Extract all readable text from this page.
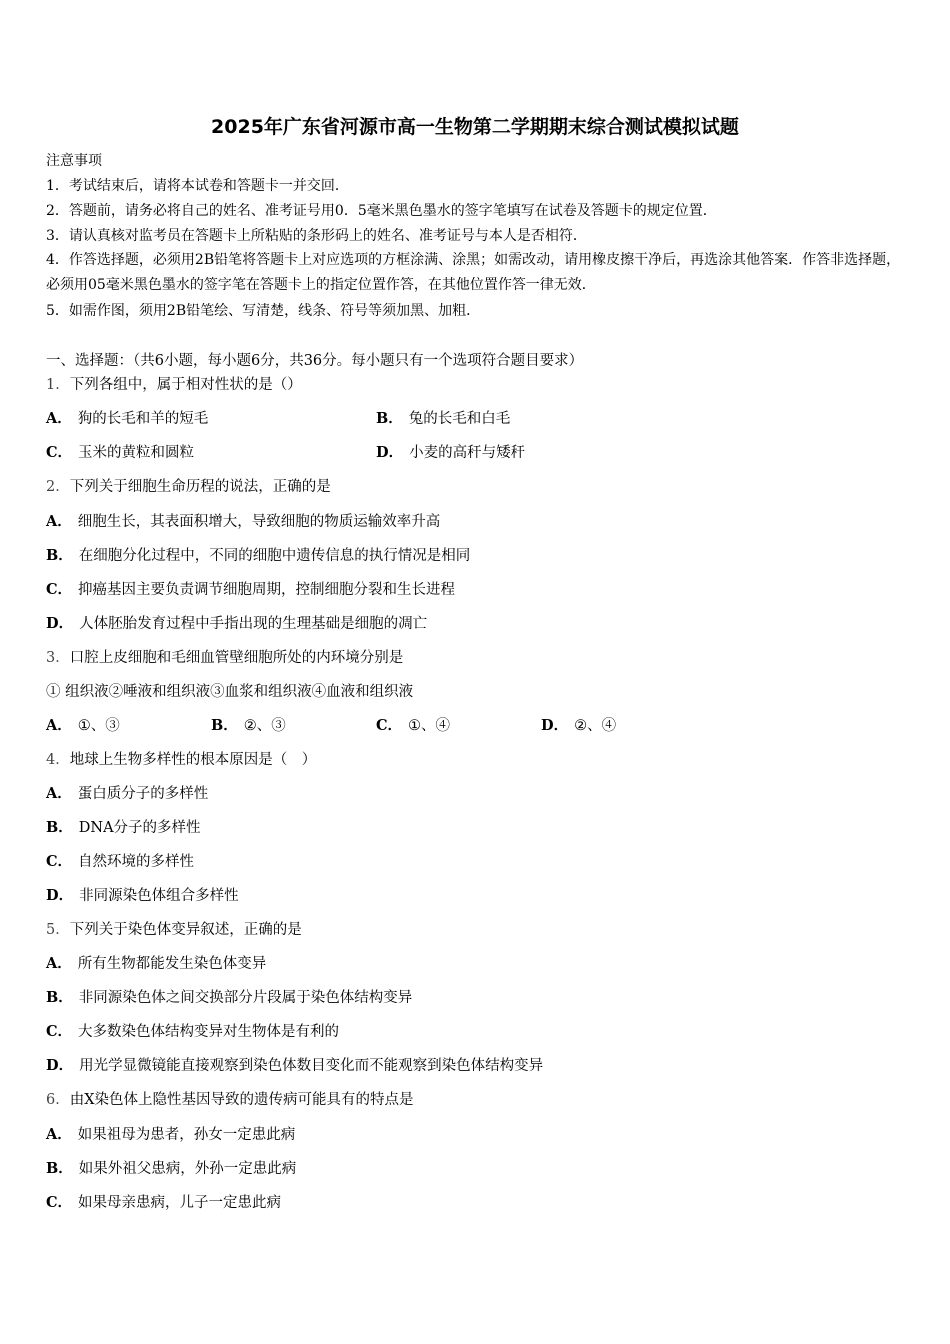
2025年广东省河源市高一生物第二学期期末综合测试模拟试题
注意事项
1．考试结束后，请将本试卷和答题卡一并交回．
2．答题前，请务必将自己的姓名、准考证号用0．5毫米黑色墨水的签字笔填写在试卷及答题卡的规定位置．
3．请认真核对监考员在答题卡上所粘贴的条形码上的姓名、准考证号与本人是否相符．
4．作答选择题，必须用2B铅笔将答题卡上对应选项的方框涂满、涂黑；如需改动，请用橡皮擦干净后，再选涂其他答案．作答非选择题，必须用05毫米黑色墨水的签字笔在答题卡上的指定位置作答，在其他位置作答一律无效．
5．如需作图，须用2B铅笔绘、写清楚，线条、符号等须加黑、加粗．
一、选择题：（共6小题，每小题6分，共36分。每小题只有一个选项符合题目要求）
1．下列各组中，属于相对性状的是（）
A． 狗的长毛和羊的短毛	B． 兔的长毛和白毛
C． 玉米的黄粒和圆粒	D． 小麦的高秆与矮秆
2．下列关于细胞生命历程的说法，正确的是
A． 细胞生长，其表面积增大，导致细胞的物质运输效率升高
B． 在细胞分化过程中，不同的细胞中遗传信息的执行情况是相同
C． 抑癌基因主要负责调节细胞周期，控制细胞分裂和生长进程
D． 人体胚胎发育过程中手指出现的生理基础是细胞的凋亡
3．口腔上皮细胞和毛细血管壁细胞所处的内环境分别是
① 组织液②唾液和组织液③血浆和组织液④血液和组织液
A． ①、③	B． ②、③	C． ①、④	D． ②、④
4．地球上生物多样性的根本原因是（　）
A． 蛋白质分子的多样性
B． DNA分子的多样性
C． 自然环境的多样性
D． 非同源染色体组合多样性
5．下列关于染色体变异叙述，正确的是
A． 所有生物都能发生染色体变异
B． 非同源染色体之间交换部分片段属于染色体结构变异
C． 大多数染色体结构变异对生物体是有利的
D． 用光学显微镜能直接观察到染色体数目变化而不能观察到染色体结构变异
6．由X染色体上隐性基因导致的遗传病可能具有的特点是
A． 如果祖母为患者，孙女一定患此病
B． 如果外祖父患病，外孙一定患此病
C． 如果母亲患病，儿子一定患此病
